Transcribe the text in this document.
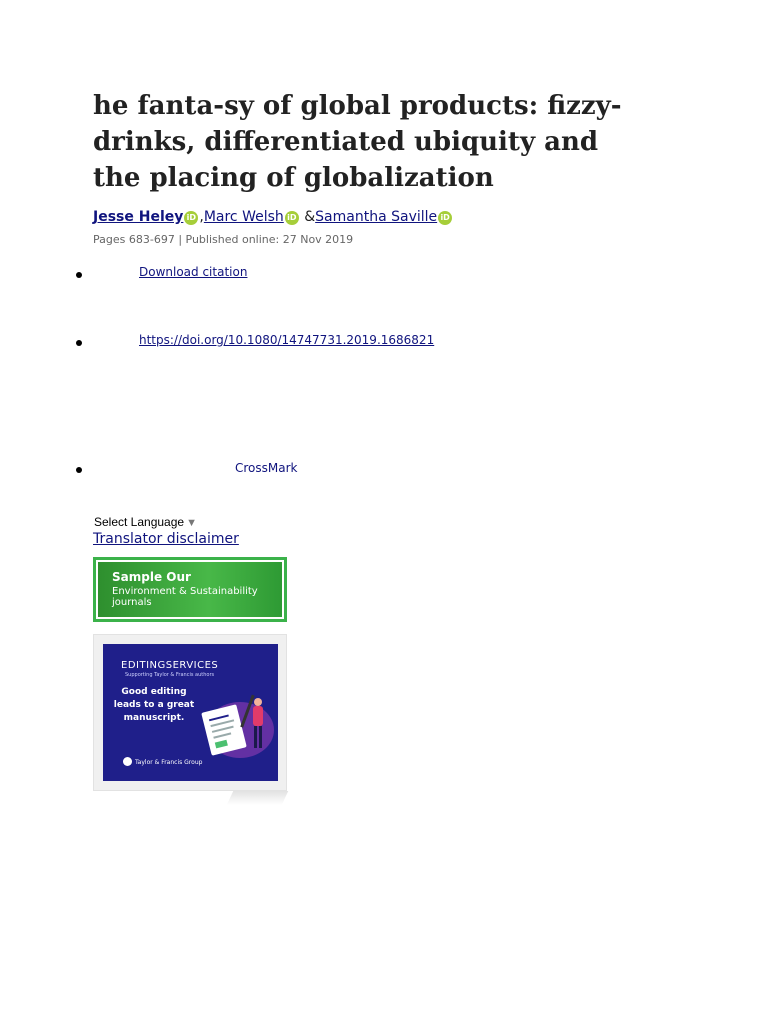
he fanta-sy of global products: fizzy-drinks, differentiated ubiquity and the placing of globalization
Jesse Heley iD ,Marc Welsh iD &Samantha Saville iD
Pages 683-697 | Published online: 27 Nov 2019
Download citation
https://doi.org/10.1080/14747731.2019.1686821
CrossMark
Select Language ▼
Translator disclaimer
Sample Our
Environment & Sustainability journals
EDITINGSERVICES
Supporting Taylor & Francis authors
Good editing leads to a great manuscript.
Taylor & Francis Group
